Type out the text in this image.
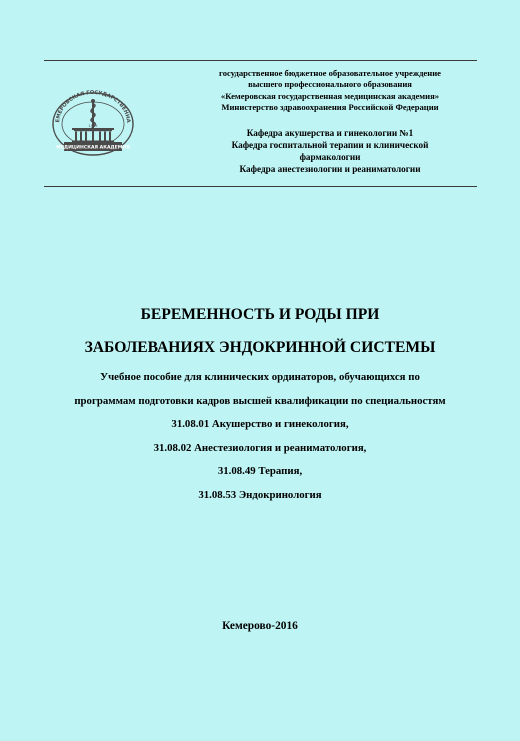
ЕМЕРОВСКАЯ ГОСУДАРСТВЕННА
МЕДИЦИНСКАЯ АКАДЕМИЯ
1955
государственное бюджетное образовательное учреждение
высшего профессионального образования
«Кемеровская государственная медицинская академия»
Министерство здравоохранения Российской Федерации
Кафедра акушерства и гинекологии №1
Кафедра госпитальной терапии и клинической
фармакологии
Кафедра анестезиологии и реаниматологии
БЕРЕМЕННОСТЬ И РОДЫ ПРИ
ЗАБОЛЕВАНИЯХ ЭНДОКРИННОЙ СИСТЕМЫ
Учебное пособие для клинических ординаторов, обучающихся по
программам подготовки кадров высшей квалификации по специальностям
31.08.01 Акушерство и гинекология,
31.08.02 Анестезиология и реаниматология,
31.08.49 Терапия,
31.08.53 Эндокринология
Кемерово-2016
